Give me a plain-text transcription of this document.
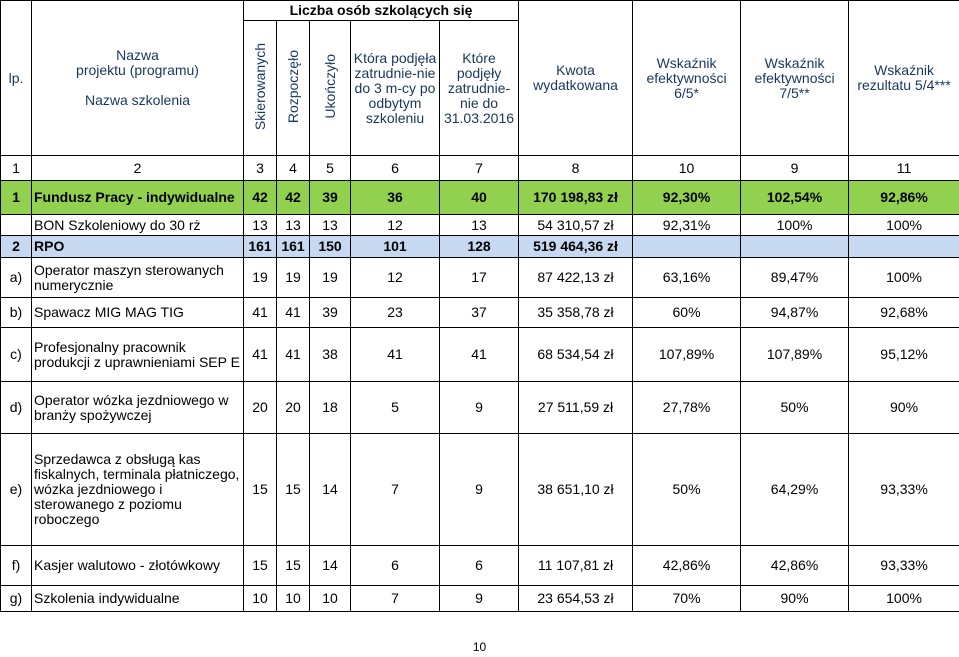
lp.	Nazwa
projektu (programu)
Nazwa szkolenia	Liczba osób szkolących się					Kwota wydatkowana	Wskaźnik efektywności 6/5*	Wskaźnik efektywności 7/5**	Wskaźnik rezultatu 5/4***
		Skierowanych	Rozpoczęło	Ukończyło	Która podjęła zatrudnie-nie do 3 m-cy po odbytym szkoleniu	Które podjęły zatrudnie-nie do 31.03.2016				
1	2	3	4	5	6	7	8	10	9	11
1	Fundusz Pracy - indywidualne	42	42	39	36	40	170 198,83 zł	92,30%	102,54%	92,86%
	BON Szkoleniowy do 30 rż	13	13	13	12	13	54 310,57 zł	92,31%	100%	100%
2	RPO	161	161	150	101	128	519 464,36 zł			
a)	Operator maszyn sterowanych numerycznie	19	19	19	12	17	87 422,13 zł	63,16%	89,47%	100%
b)	Spawacz MIG MAG TIG	41	41	39	23	37	35 358,78 zł	60%	94,87%	92,68%
c)	Profesjonalny pracownik produkcji z uprawnieniami SEP E	41	41	38	41	41	68 534,54 zł	107,89%	107,89%	95,12%
d)	Operator wózka jezdniowego w branży spożywczej	20	20	18	5	9	27 511,59 zł	27,78%	50%	90%
e)	Sprzedawca z obsługą kas fiskalnych, terminala płatniczego, wózka jezdniowego i sterowanego z poziomu roboczego	15	15	14	7	9	38 651,10 zł	50%	64,29%	93,33%
f)	Kasjer walutowo - złotówkowy	15	15	14	6	6	11 107,81 zł	42,86%	42,86%	93,33%
g)	Szkolenia indywidualne	10	10	10	7	9	23 654,53 zł	70%	90%	100%
10
